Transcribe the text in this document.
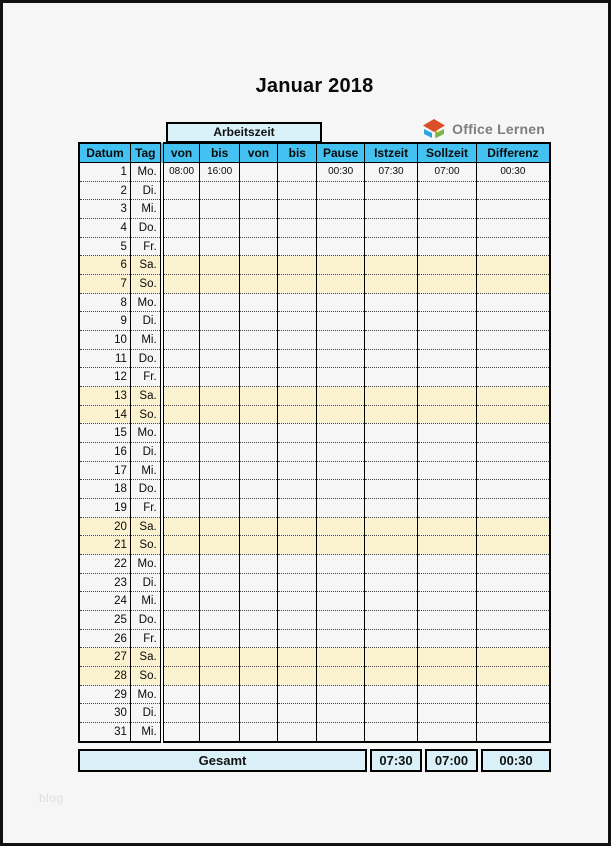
Januar 2018
Office Lernen
Arbeitszeit
Datum	Tag	von	bis	von	bis	Pause	Istzeit	Sollzeit	Differenz
1	Mo.	08:00	16:00			00:30	07:30	07:00	00:30
2	Di.								
3	Mi.								
4	Do.								
5	Fr.								
6	Sa.								
7	So.								
8	Mo.								
9	Di.								
10	Mi.								
11	Do.								
12	Fr.								
13	Sa.								
14	So.								
15	Mo.								
16	Di.								
17	Mi.								
18	Do.								
19	Fr.								
20	Sa.								
21	So.								
22	Mo.								
23	Di.								
24	Mi.								
25	Do.								
26	Fr.								
27	Sa.								
28	So.								
29	Mo.								
30	Di.								
31	Mi.								
Gesamt	07:30	07:00	00:30
blog
